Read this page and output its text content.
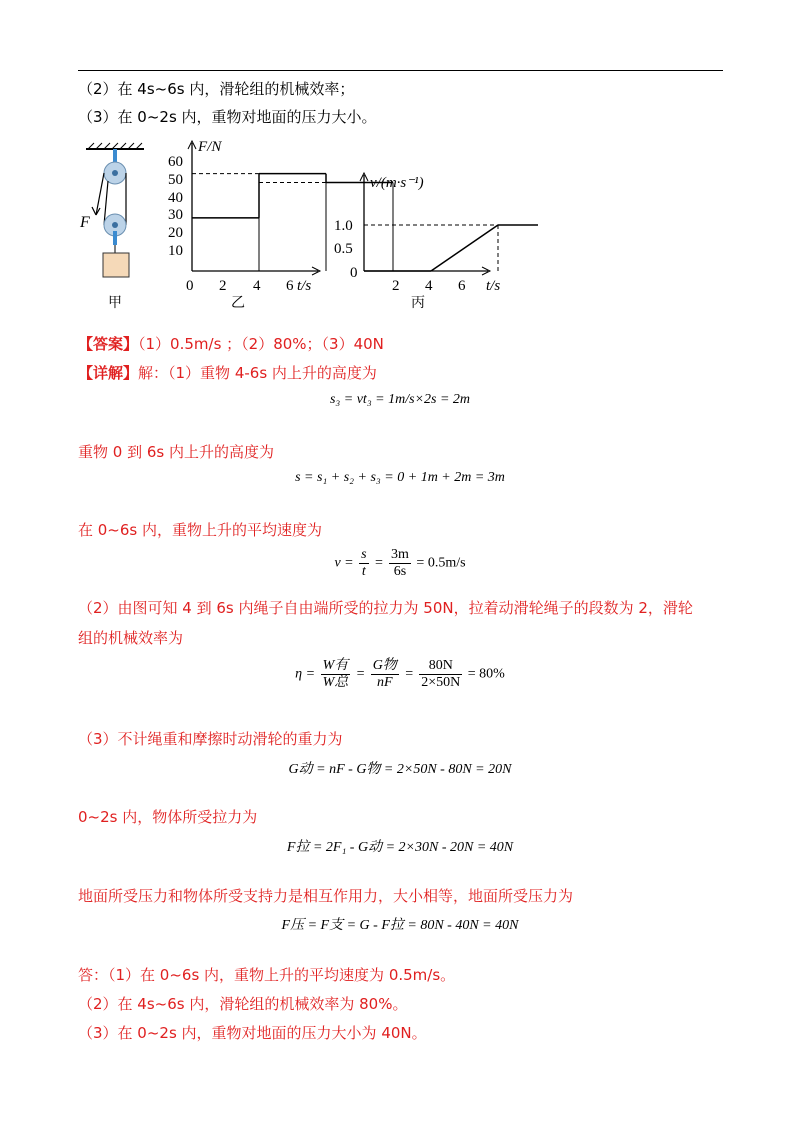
（2）在 4s~6s 内，滑轮组的机械效率；
（3）在 0~2s 内，重物对地面的压力大小。
F
甲
F/N
60
50
40
30
20
10
0 2 4 6 t/s
乙
v/(m·s⁻¹)
1.0
0.5
0
2 4 6 t/s
丙
【答案】（1）0.5m/s ；（2）80%；（3）40N
【详解】解：（1）重物 4-6s 内上升的高度为
s₃ = vt₃ = 1m/s×2s = 2m
重物 0 到 6s 内上升的高度为
s = s₁ + s₂ + s₃ = 0 + 1m + 2m = 3m
在 0~6s 内，重物上升的平均速度为
$v = \frac{s}{t} = \frac{3m}{6s} = 0.5m/s$
（2）由图可知 4 到 6s 内绳子自由端所受的拉力为 50N，拉着动滑轮绳子的段数为 2，滑轮
组的机械效率为
$\eta = \frac{\text{W有}}{\text{W总}} = \frac{\text{G物}}{nF} = \frac{80N}{2\times 50N} = 80\%$
（3）不计绳重和摩擦时动滑轮的重力为
G动 = nF - G物 = 2×50N - 80N = 20N
0~2s 内，物体所受拉力为
F拉 = 2F₁ - G动 = 2×30N - 20N = 40N
地面所受压力和物体所受支持力是相互作用力，大小相等，地面所受压力为
F压 = F支 = G - F拉 = 80N - 40N = 40N
答：（1）在 0~6s 内，重物上升的平均速度为 0.5m/s。
（2）在 4s~6s 内，滑轮组的机械效率为 80%。
（3）在 0~2s 内，重物对地面的压力大小为 40N。
